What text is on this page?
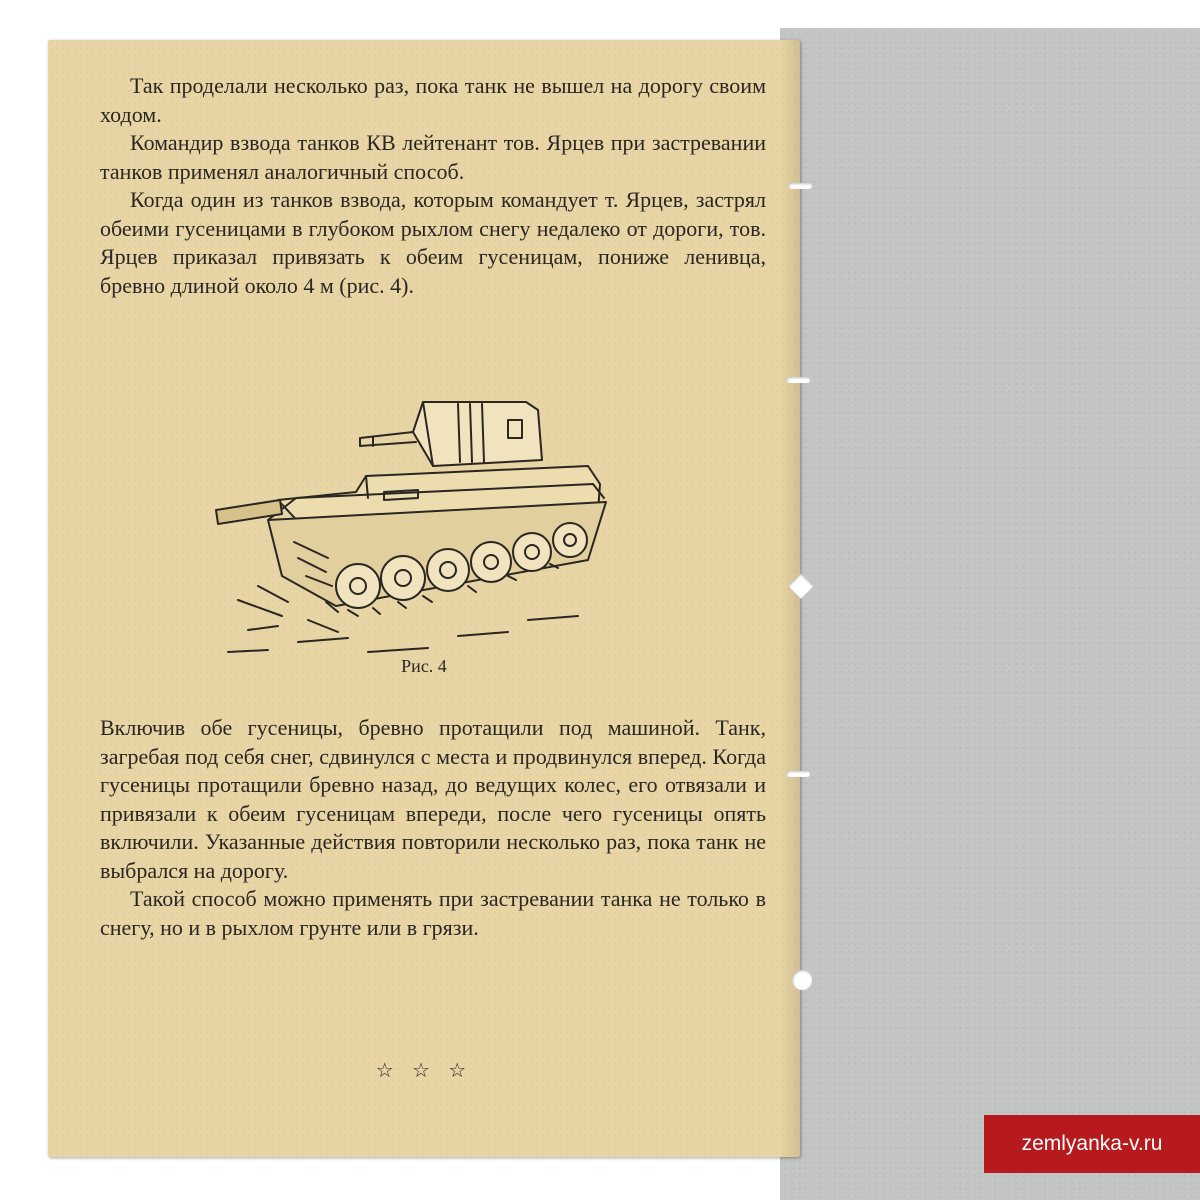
Так проделали несколько раз, пока танк не вышел на дорогу своим ходом.

Командир взвода танков КВ лейтенант тов. Ярцев при застревании танков применял аналогичный способ.

Когда один из танков взвода, которым командует т. Ярцев, застрял обеими гусеницами в глубоком рыхлом снегу недалеко от дороги, тов. Ярцев приказал привязать к обеим гусеницам, пониже ленивца, бревно длиной около 4 м (рис. 4).

Рис. 4

Включив обе гусеницы, бревно протащили под машиной. Танк, загребая под себя снег, сдвинулся с места и продвинулся вперед. Когда гусеницы протащили бревно назад, до ведущих колес, его отвязали и привязали к обеим гусеницам впереди, после чего гусеницы опять включили. Указанные действия повторили несколько раз, пока танк не выбрался на дорогу.

Такой способ можно применять при застревании танка не только в снегу, но и в рыхлом грунте или в грязи.

☆ ☆ ☆
zemlyanka-v.ru
